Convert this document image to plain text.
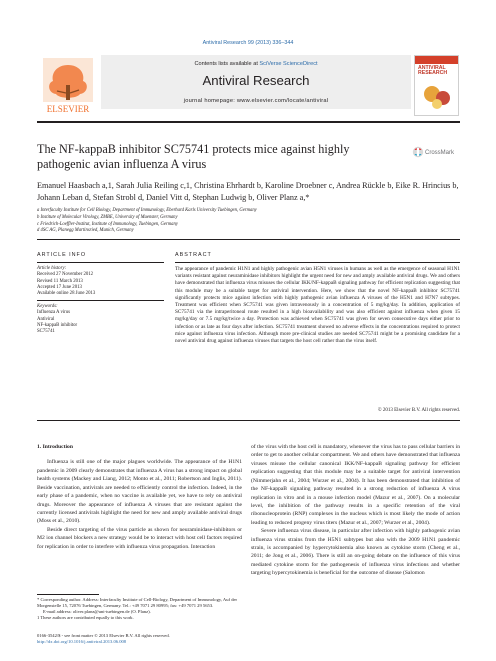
Antiviral Research 99 (2013) 336–344
ELSEVIER
Contents lists available at SciVerse ScienceDirect
Antiviral Research
journal homepage: www.elsevier.com/locate/antiviral
ANTIVIRAL RESEARCH
The NF-kappaB inhibitor SC75741 protects mice against highly pathogenic avian influenza A virus
CrossMark
Emanuel Haasbach a,1, Sarah Julia Reiling c,1, Christina Ehrhardt b, Karoline Droebner c, Andrea Rückle b, Eike R. Hrincius b, Johann Leban d, Stefan Strobl d, Daniel Vitt d, Stephan Ludwig b, Oliver Planz a,*
a Interfaculty Institute for Cell Biology, Department of Immunology, Eberhard Karls University Tuebingen, Germany
b Institute of Molecular Virology, ZMBE, University of Muenster, Germany
c Friedrich-Loeffler-Institut, Institute of Immunology, Tuebingen, Germany
d 4SC AG, Planegg Martinsried, Munich, Germany
ARTICLE INFO	ABSTRACT
Article history:
Received 27 November 2012
Revised 11 March 2013
Accepted 17 June 2013
Available online 28 June 2013
Keywords:
Influenza A virus
Antiviral
NF-kappaB inhibitor
SC75741
The appearance of pandemic H1N1 and highly pathogenic avian H5N1 viruses in humans as well as the emergence of seasonal H1N1 variants resistant against neuraminidase inhibitors highlight the urgent need for new and amply available antiviral drugs. We and others have demonstrated that influenza virus misuses the cellular IKK/NF-kappaB signaling pathway for efficient replication suggesting that this module may be a suitable target for antiviral intervention. Here, we show that the novel NF-kappaB inhibitor SC75741 significantly protects mice against infection with highly pathogenic avian influenza A viruses of the H5N1 and H7N7 subtypes. Treatment was efficient when SC75741 was given intravenously in a concentration of 5 mg/kg/day. In addition, application of SC75741 via the intraperitoneal route resulted in a high bioavailability and was also efficient against influenza when given 15 mg/kg/day or 7.5 mg/kg/twice a day. Protection was achieved when SC75741 was given for seven consecutive days either prior to infection or as late as four days after infection. SC75741 treatment showed no adverse effects in the concentrations required to protect mice against influenza virus infection. Although more pre-clinical studies are needed SC75741 might be a promising candidate for a novel antiviral drug against influenza viruses that targets the host cell rather than the virus itself.
© 2013 Elsevier B.V. All rights reserved.
1. Introduction
Influenza is still one of the major plagues worldwide. The appearance of the H1N1 pandemic in 2009 clearly demonstrates that influenza A virus has a strong impact on global health systems (Mackey and Liang, 2012; Monto et al., 2011; Robertson and Inglis, 2011). Beside vaccination, antivirals are needed to efficiently control the infection. Indeed, in the early phase of a pandemic, when no vaccine is available yet, we have to rely on antiviral drugs. Moreover the appearance of influenza A viruses that are resistant against the currently licensed antivirals highlight the need for new and amply available antiviral drugs (Moss et al., 2010).
Beside direct targeting of the virus particle as shown for neuraminidase-inhibitors or M2 ion channel blockers a new strategy would be to interact with host cell factors required for replication in order to interfere with influenza virus propagation. Interaction
of the virus with the host cell is mandatory, whenever the virus has to pass cellular barriers in order to get to another cellular compartment. We and others have demonstrated that influenza viruses misuse the cellular canonical IKK/NF-kappaB signaling pathway for efficient replication suggesting that this module may be a suitable target for antiviral intervention (Nimmerjahn et al., 2004; Wurzer et al., 2004). It has been demonstrated that inhibition of the NF-kappaB signaling pathway resulted in a strong reduction of influenza A virus replication in vitro and in a mouse infection model (Mazur et al., 2007). On a molecular level, the inhibition of the pathway results in a specific retention of the viral ribonucleoprotein (RNP) complexes in the nucleus which is most likely the mode of action leading to reduced progeny virus titers (Mazur et al., 2007; Wurzer et al., 2004).
Severe influenza virus disease, in particular after infection with highly pathogenic avian influenza virus strains from the H5N1 subtypes but also with the 2009 H1N1 pandemic strain, is accompanied by hypercytokinemia also known as cytokine storm (Cheng et al., 2011; de Jong et al., 2006). There is still an on-going debate on the influence of this virus mediated cytokine storm for the pathogenesis of influenza virus infections and whether targeting hypercytokinemia is beneficial for the outcome of disease (Salomon
* Corresponding author. Address: Interfaculty Institute of Cell-Biology, Department of Immunology, Auf der Morgenstelle 15, 72076 Tuebingen, Germany. Tel.: +49 7071 29 80995; fax: +49 7071 29 5653.
E-mail address: oliver.planz@uni-tuebingen.de (O. Planz).
1 These authors are contributed equally to this work.
0166-3542/$ - see front matter © 2013 Elsevier B.V. All rights reserved.
http://dx.doi.org/10.1016/j.antiviral.2013.06.008
